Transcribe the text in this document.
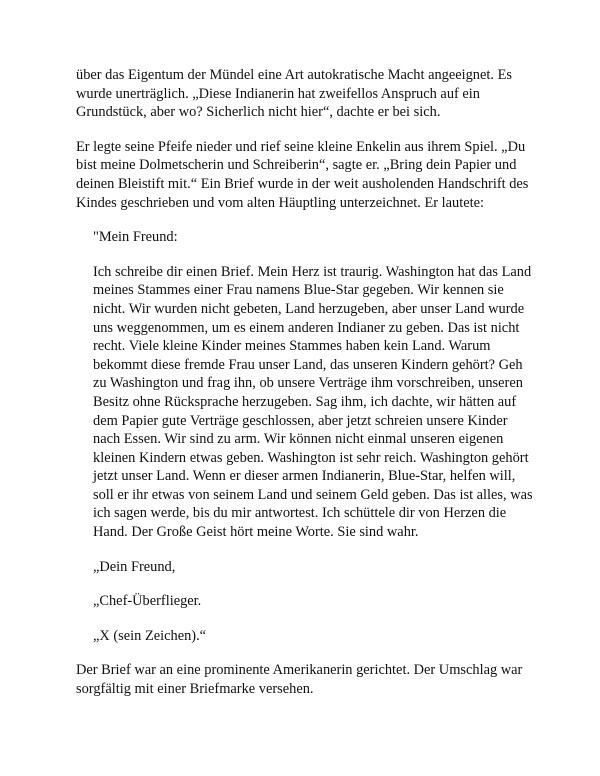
über das Eigentum der Mündel eine Art autokratische Macht angeeignet. Es wurde unerträglich. „Diese Indianerin hat zweifellos Anspruch auf ein Grundstück, aber wo? Sicherlich nicht hier“, dachte er bei sich.

Er legte seine Pfeife nieder und rief seine kleine Enkelin aus ihrem Spiel. „Du bist meine Dolmetscherin und Schreiberin“, sagte er. „Bring dein Papier und deinen Bleistift mit.“ Ein Brief wurde in der weit ausholenden Handschrift des Kindes geschrieben und vom alten Häuptling unterzeichnet. Er lautete:

"Mein Freund:

Ich schreibe dir einen Brief. Mein Herz ist traurig. Washington hat das Land meines Stammes einer Frau namens Blue-Star gegeben. Wir kennen sie nicht. Wir wurden nicht gebeten, Land herzugeben, aber unser Land wurde uns weggenommen, um es einem anderen Indianer zu geben. Das ist nicht recht. Viele kleine Kinder meines Stammes haben kein Land. Warum bekommt diese fremde Frau unser Land, das unseren Kindern gehört? Geh zu Washington und frag ihn, ob unsere Verträge ihm vorschreiben, unseren Besitz ohne Rücksprache herzugeben. Sag ihm, ich dachte, wir hätten auf dem Papier gute Verträge geschlossen, aber jetzt schreien unsere Kinder nach Essen. Wir sind zu arm. Wir können nicht einmal unseren eigenen kleinen Kindern etwas geben. Washington ist sehr reich. Washington gehört jetzt unser Land. Wenn er dieser armen Indianerin, Blue-Star, helfen will, soll er ihr etwas von seinem Land und seinem Geld geben. Das ist alles, was ich sagen werde, bis du mir antwortest. Ich schüttele dir von Herzen die Hand. Der Große Geist hört meine Worte. Sie sind wahr.

„Dein Freund,

„Chef-Überflieger.

„X (sein Zeichen).“

Der Brief war an eine prominente Amerikanerin gerichtet. Der Umschlag war sorgfältig mit einer Briefmarke versehen.
